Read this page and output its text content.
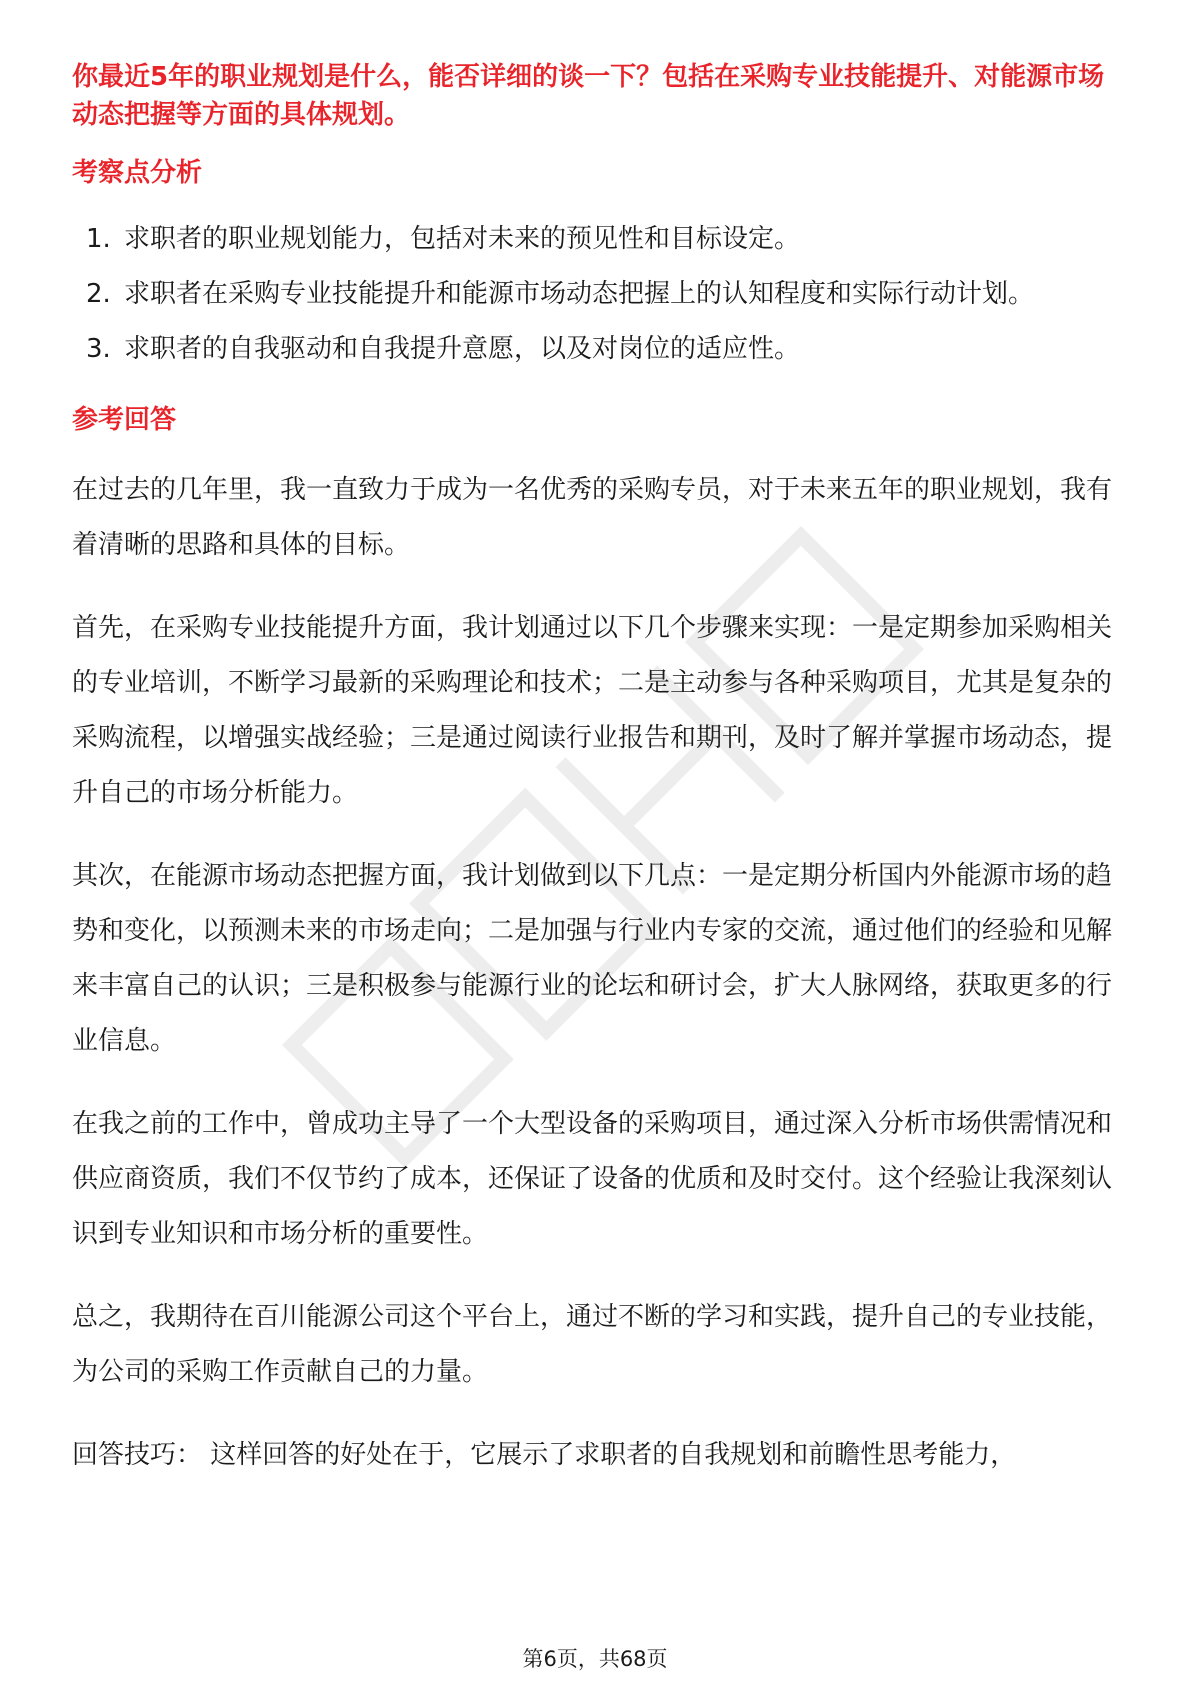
你最近5年的职业规划是什么，能否详细的谈一下？包括在采购专业技能提升、对能源市场动态把握等方面的具体规划。

考察点分析

1. 求职者的职业规划能力，包括对未来的预见性和目标设定。
2. 求职者在采购专业技能提升和能源市场动态把握上的认知程度和实际行动计划。
3. 求职者的自我驱动和自我提升意愿，以及对岗位的适应性。

参考回答

在过去的几年里，我一直致力于成为一名优秀的采购专员，对于未来五年的职业规划，我有着清晰的思路和具体的目标。

首先，在采购专业技能提升方面，我计划通过以下几个步骤来实现：一是定期参加采购相关的专业培训，不断学习最新的采购理论和技术；二是主动参与各种采购项目，尤其是复杂的采购流程，以增强实战经验；三是通过阅读行业报告和期刊，及时了解并掌握市场动态，提升自己的市场分析能力。

其次，在能源市场动态把握方面，我计划做到以下几点：一是定期分析国内外能源市场的趋势和变化，以预测未来的市场走向；二是加强与行业内专家的交流，通过他们的经验和见解来丰富自己的认识；三是积极参与能源行业的论坛和研讨会，扩大人脉网络，获取更多的行业信息。

在我之前的工作中，曾成功主导了一个大型设备的采购项目，通过深入分析市场供需情况和供应商资质，我们不仅节约了成本，还保证了设备的优质和及时交付。这个经验让我深刻认识到专业知识和市场分析的重要性。

总之，我期待在百川能源公司这个平台上，通过不断的学习和实践，提升自己的专业技能，为公司的采购工作贡献自己的力量。

回答技巧： 这样回答的好处在于，它展示了求职者的自我规划和前瞻性思考能力，

第6页，共68页
